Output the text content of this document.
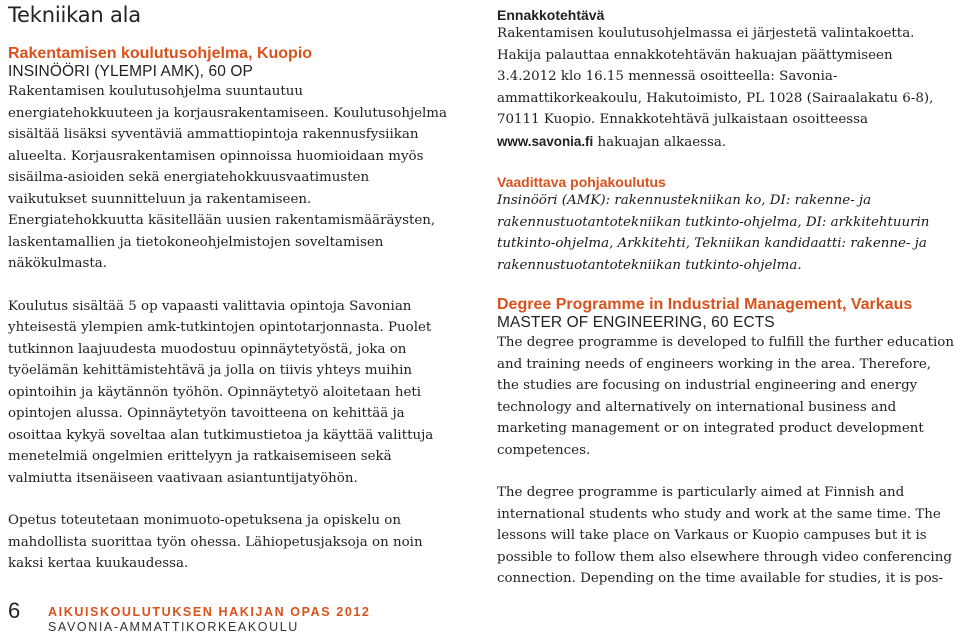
Tekniikan ala
Rakentamisen koulutusohjelma, Kuopio
INSINÖÖRI (YLEMPI AMK), 60 OP

Rakentamisen koulutusohjelma suuntautuu energiatehokkuuteen ja korjausrakentamiseen. Koulutusohjelma sisältää lisäksi syventäviä ammattiopintoja rakennusfysiikan alueelta. Korjausrakentamisen opinnoissa huomioidaan myös sisäilma-asioiden sekä energiatehokkuusvaatimusten vaikutukset suunnitteluun ja rakentamiseen. Energiatehokkuutta käsitellään uusien rakentamismääräysten, laskentamallien ja tietokoneohjelmistojen soveltamisen näkökulmasta.

Koulutus sisältää 5 op vapaasti valittavia opintoja Savonian yhteisestä ylempien amk-tutkintojen opintotarjonnasta. Puolet tutkinnon laajuudesta muodostuu opinnäytetyöstä, joka on työelämän kehittämistehtävä ja jolla on tiivis yhteys muihin opintoihin ja käytännön työhön. Opinnäytetyö aloitetaan heti opintojen alussa. Opinnäytetyön tavoitteena on kehittää ja osoittaa kykyä soveltaa alan tutkimustietoa ja käyttää valittuja menetelmiä ongelmien erittelyyn ja ratkaisemiseen sekä valmiutta itsenäiseen vaativaan asiantuntijatyöhön.

Opetus toteutetaan monimuoto-opetuksena ja opiskelu on mahdollista suorittaa työn ohessa. Lähiopetusjaksoja on noin kaksi kertaa kuukaudessa.

Ennakkotehtävä

Rakentamisen koulutusohjelmassa ei järjestetä valintakoetta. Hakija palauttaa ennakkotehtävän hakuajan päättymiseen 3.4.2012 klo 16.15 mennessä osoitteella: Savonia-ammattikorkeakoulu, Hakutoimisto, PL 1028 (Sairaalakatu 6-8), 70111 Kuopio. Ennakkotehtävä julkaistaan osoitteessa www.savonia.fi hakuajan alkaessa.

Vaadittava pohjakoulutus

Insinööri (AMK): rakennustekniikan ko, DI: rakenne- ja rakennustuotantotekniikan tutkinto-ohjelma, DI: arkkitehtuurin tutkinto-ohjelma, Arkkitehti, Tekniikan kandidaatti: rakenne- ja rakennustuotantotekniikan tutkinto-ohjelma.

Degree Programme in Industrial Management, Varkaus
MASTER OF ENGINEERING, 60 ECTS

The degree programme is developed to fulfill the further education and training needs of engineers working in the area. Therefore, the studies are focusing on industrial engineering and energy technology and alternatively on international business and marketing management or on integrated product development competences.

The degree programme is particularly aimed at Finnish and international students who study and work at the same time. The lessons will take place on Varkaus or Kuopio campuses but it is possible to follow them also elsewhere through video conferencing connection. Depending on the time available for studies, it is pos-

6 AIKUISKOULUTUKSEN HAKIJAN OPAS 2012
SAVONIA-AMMATTIKORKEAKOULU
